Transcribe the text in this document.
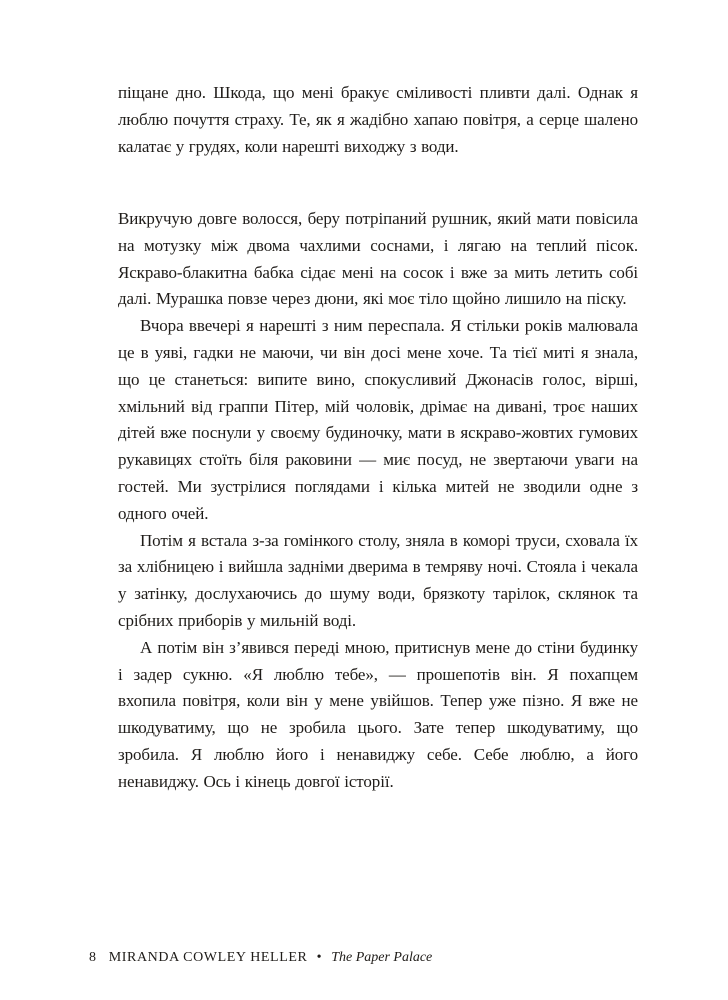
піщане дно. Шкода, що мені бракує сміливості пливти далі. Однак я люблю почуття страху. Те, як я жадібно хапаю повітря, а серце шалено калатає у грудях, коли нарешті виходжу з води.

Викручую довге волосся, беру потріпаний рушник, який мати повісила на мотузку між двома чахлими соснами, і лягаю на теплий пісок. Яскраво-блакитна бабка сідає мені на сосок і вже за мить летить собі далі. Мурашка повзе через дюни, які моє тіло щойно лишило на піску.

Вчора ввечері я нарешті з ним переспала. Я стільки років малювала це в уяві, гадки не маючи, чи він досі мене хоче. Та тієї миті я знала, що це станеться: випите вино, спокусливий Джонасів голос, вірші, хмільний від граппи Пітер, мій чоловік, дрімає на дивані, троє наших дітей вже поснули у своєму будиночку, мати в яскраво-жовтих гумових рукавицях стоїть біля раковини — миє посуд, не звертаючи уваги на гостей. Ми зустрілися поглядами і кілька митей не зводили одне з одного очей.

Потім я встала з-за гомінкого столу, зняла в коморі труси, сховала їх за хлібницею і вийшла задніми дверима в темряву ночі. Стояла і чекала у затінку, дослухаючись до шуму води, брязкоту тарілок, склянок та срібних приборів у мильній воді.

А потім він з’явився переді мною, притиснув мене до стіни будинку і задер сукню. «Я люблю тебе», — прошепотів він. Я похапцем вхопила повітря, коли він у мене увійшов. Тепер уже пізно. Я вже не шкодуватиму, що не зробила цього. Зате тепер шкодуватиму, що зробила. Я люблю його і ненавиджу себе. Себе люблю, а його ненавиджу. Ось і кінець довгої історії.

8 MIRANDA COWLEY HELLER • The Paper Palace
